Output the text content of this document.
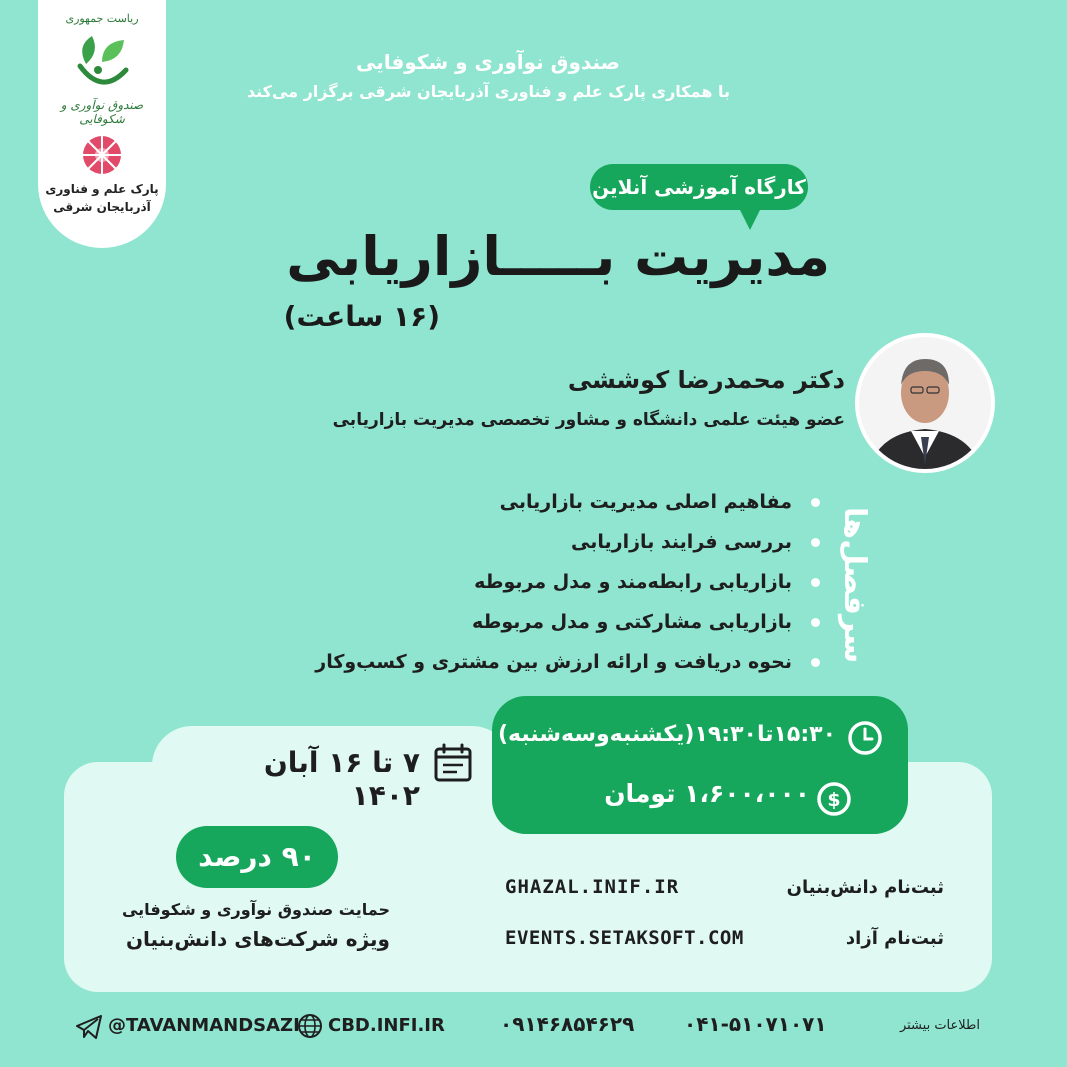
ریاست جمهوری
صندوق نوآوری و شکوفایی
پارک علم و فناوری
آذربایجان شرقی
صندوق نوآوری و شکوفایی
با همکاری پارک علم و فناوری آذربایجان شرقی برگزار می‌کند
کارگاه آموزشی آنلاین
مدیریت بـــــازاریابی
(۱۶ ساعت)
دکتر محمدرضا کوششی
عضو هیئت علمی دانشگاه و مشاور تخصصی مدیریت بازاریابی
سرفصل‌ها
مفاهیم اصلی مدیریت بازاریابی
بررسی فرایند بازاریابی
بازاریابی رابطه‌مند و مدل مربوطه
بازاریابی مشارکتی و مدل مربوطه
نحوه دریافت و ارائه ارزش بین مشتری و کسب‌وکار
۷ تا ۱۶ آبان ۱۴۰۲
۱۵:۳۰تا۱۹:۳۰(یکشنبه‌وسه‌شنبه)
۱،۶۰۰،۰۰۰ تومان $
۹۰ درصد
حمایت صندوق نوآوری و شکوفایی
ویژه شرکت‌های دانش‌بنیان
ثبت‌نام دانش‌بنیان
GHAZAL.INIF.IR
ثبت‌نام آزاد
EVENTS.SETAKSOFT.COM
اطلاعات بیشتر
۰۴۱-۵۱۰۷۱۰۷۱
۰۹۱۴۶۸۵۴۶۲۹
CBD.INFI.IR
@TAVANMANDSAZI
